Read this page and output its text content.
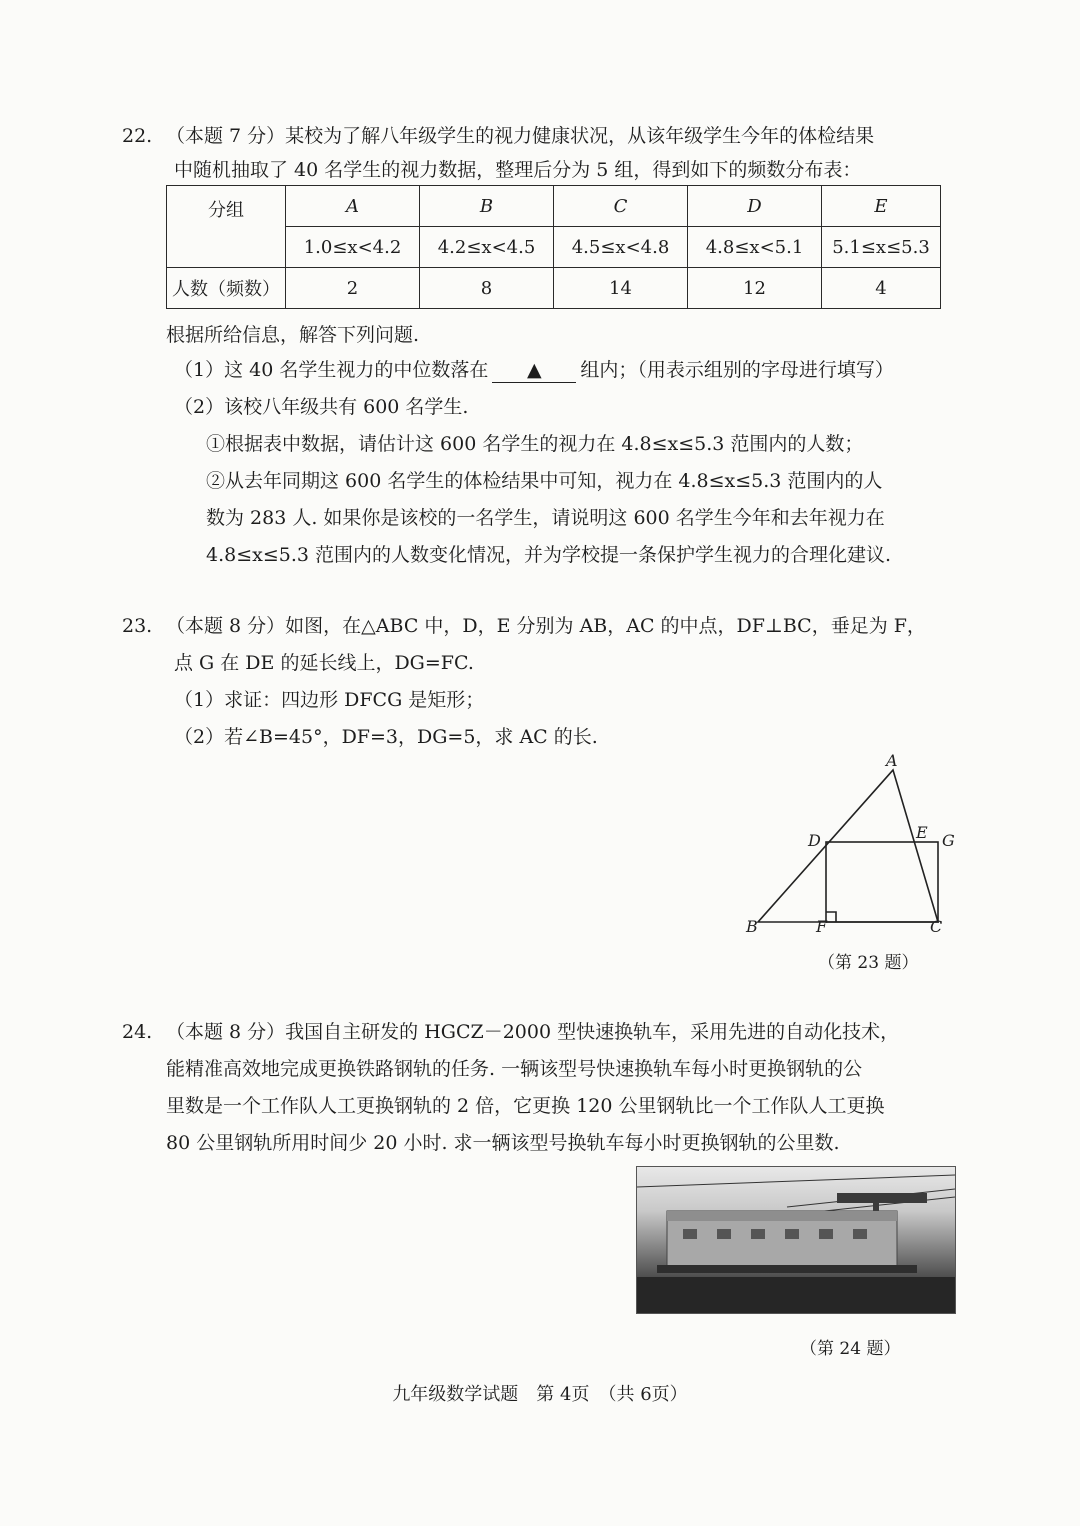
22. （本题 7 分）某校为了解八年级学生的视力健康状况，从该年级学生今年的体检结果
中随机抽取了 40 名学生的视力数据，整理后分为 5 组，得到如下的频数分布表：
分组	A	B	C	D	E
	1.0≤x<4.2	4.2≤x<4.5	4.5≤x<4.8	4.8≤x<5.1	5.1≤x≤5.3
人数（频数）	2	8	14	12	4
根据所给信息，解答下列问题.
（1）这 40 名学生视力的中位数落在 ▲ 组内；（用表示组别的字母进行填写）
（2）该校八年级共有 600 名学生.
①根据表中数据，请估计这 600 名学生的视力在 4.8≤x≤5.3 范围内的人数；
②从去年同期这 600 名学生的体检结果中可知，视力在 4.8≤x≤5.3 范围内的人
数为 283 人. 如果你是该校的一名学生，请说明这 600 名学生今年和去年视力在
4.8≤x≤5.3 范围内的人数变化情况，并为学校提一条保护学生视力的合理化建议.
23. （本题 8 分）如图，在△ABC 中，D，E 分别为 AB，AC 的中点，DF⊥BC，垂足为 F，
点 G 在 DE 的延长线上，DG=FC.
（1）求证：四边形 DFCG 是矩形；
（2）若∠B=45°，DF=3，DG=5，求 AC 的长.
A
B	C
D	E
F
G
（第 23 题）
24. （本题 8 分）我国自主研发的 HGCZ－2000 型快速换轨车，采用先进的自动化技术，
能精准高效地完成更换铁路钢轨的任务. 一辆该型号快速换轨车每小时更换钢轨的公
里数是一个工作队人工更换钢轨的 2 倍，它更换 120 公里钢轨比一个工作队人工更换
80 公里钢轨所用时间少 20 小时. 求一辆该型号换轨车每小时更换钢轨的公里数.
（第 24 题）
九年级数学试题　第 4页　（共 6页）
